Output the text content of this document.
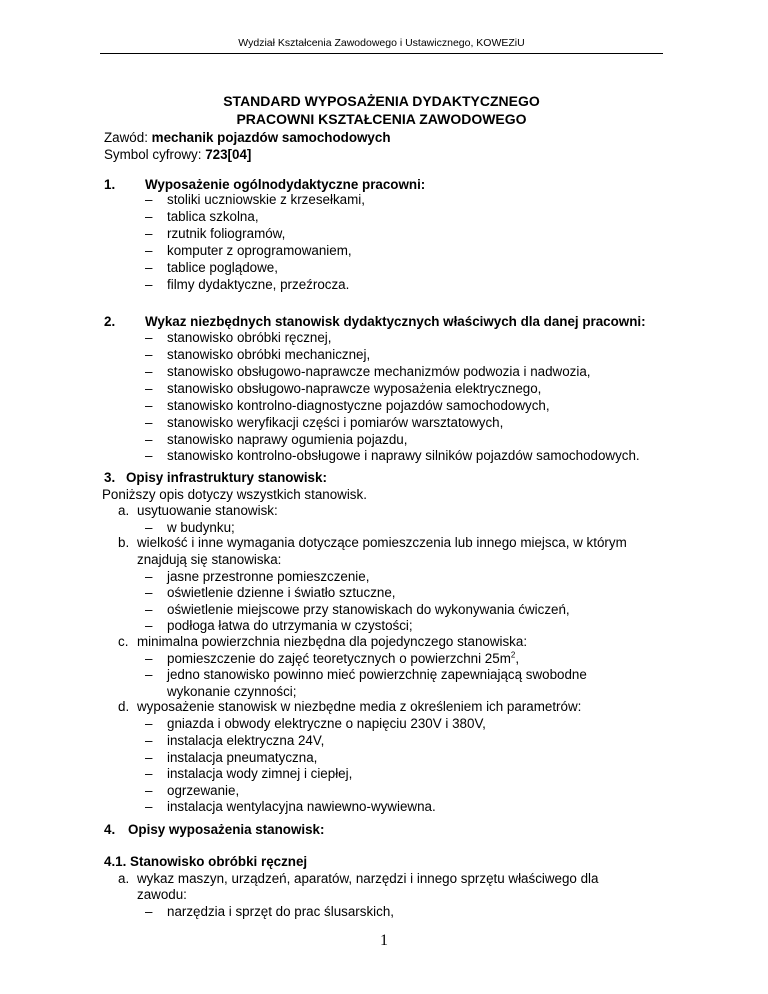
Wydział Kształcenia Zawodowego i Ustawicznego, KOWEZiU
STANDARD WYPOSAŻENIA DYDAKTYCZNEGO
PRACOWNI KSZTAŁCENIA ZAWODOWEGO
Zawód: mechanik pojazdów samochodowych
Symbol cyfrowy: 723[04]
1. Wyposażenie ogólnodydaktyczne pracowni:
– stoliki uczniowskie z krzesełkami,
– tablica szkolna,
– rzutnik foliogramów,
– komputer z oprogramowaniem,
– tablice poglądowe,
– filmy dydaktyczne, przeźrocza.
2. Wykaz niezbędnych stanowisk dydaktycznych właściwych dla danej pracowni:
– stanowisko obróbki ręcznej,
– stanowisko obróbki mechanicznej,
– stanowisko obsługowo-naprawcze mechanizmów podwozia i nadwozia,
– stanowisko obsługowo-naprawcze wyposażenia elektrycznego,
– stanowisko kontrolno-diagnostyczne pojazdów samochodowych,
– stanowisko weryfikacji części i pomiarów warsztatowych,
– stanowisko naprawy ogumienia pojazdu,
– stanowisko kontrolno-obsługowe i naprawy silników pojazdów samochodowych.
3. Opisy infrastruktury stanowisk:
Poniższy opis dotyczy wszystkich stanowisk.
a. usytuowanie stanowisk:
– w budynku;
b. wielkość i inne wymagania dotyczące pomieszczenia lub innego miejsca, w którym
znajdują się stanowiska:
– jasne przestronne pomieszczenie,
– oświetlenie dzienne i światło sztuczne,
– oświetlenie miejscowe przy stanowiskach do wykonywania ćwiczeń,
– podłoga łatwa do utrzymania w czystości;
c. minimalna powierzchnia niezbędna dla pojedynczego stanowiska:
– pomieszczenie do zajęć teoretycznych o powierzchni $25m^2$,
– jedno stanowisko powinno mieć powierzchnię zapewniającą swobodne
wykonanie czynności;
d. wyposażenie stanowisk w niezbędne media z określeniem ich parametrów:
– gniazda i obwody elektryczne o napięciu 230V i 380V,
– instalacja elektryczna 24V,
– instalacja pneumatyczna,
– instalacja wody zimnej i ciepłej,
– ogrzewanie,
– instalacja wentylacyjna nawiewno-wywiewna.
4. Opisy wyposażenia stanowisk:
4.1. Stanowisko obróbki ręcznej
a. wykaz maszyn, urządzeń, aparatów, narzędzi i innego sprzętu właściwego dla
zawodu:
– narzędzia i sprzęt do prac ślusarskich,
1
